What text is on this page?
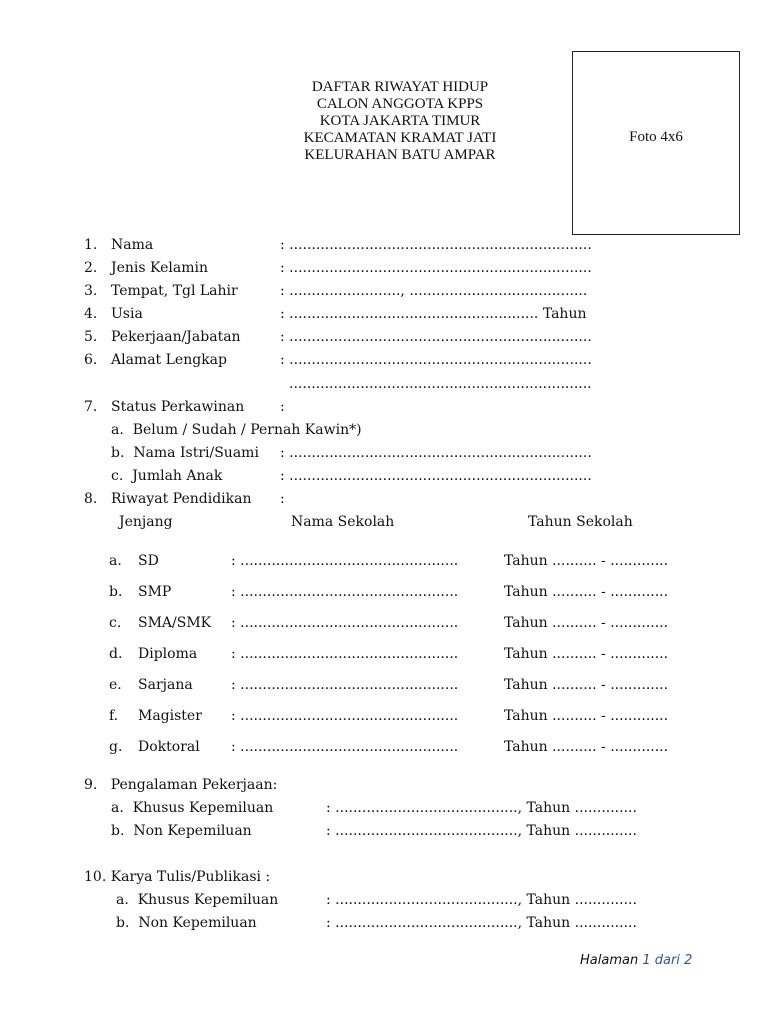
DAFTAR RIWAYAT HIDUP
CALON ANGGOTA KPPS
KOTA JAKARTA TIMUR
KECAMATAN KRAMAT JATI
KELURAHAN BATU AMPAR
Foto 4x6
1. Nama	: ....................................................................
2. Jenis Kelamin	: ....................................................................
3. Tempat, Tgl Lahir	: ........................., ........................................
4. Usia	: ........................................................ Tahun
5. Pekerjaan/Jabatan	: ....................................................................
6. Alamat Lengkap	: ....................................................................
....................................................................
7. Status Perkawinan	:
a.  Belum / Sudah / Pernah Kawin*)
b.  Nama Istri/Suami : ....................................................................
c.  Jumlah Anak	: ....................................................................
8. Riwayat Pendidikan :
Jenjang	Nama Sekolah	Tahun Sekolah
a. SD	: .................................................	Tahun .......... - .............
b. SMP	: .................................................	Tahun .......... - .............
c. SMA/SMK : .................................................	Tahun .......... - .............
d. Diploma : .................................................	Tahun .......... - .............
e. Sarjana	: .................................................	Tahun .......... - .............
f. Magister : .................................................	Tahun .......... - .............
g. Doktoral : .................................................	Tahun .......... - .............
9.   Pengalaman Pekerjaan:
a.  Khusus Kepemiluan	: ........................................., Tahun ..............
b.  Non Kepemiluan	: ........................................., Tahun ..............
10. Karya Tulis/Publikasi :
a.  Khusus Kepemiluan	: ........................................., Tahun ..............
b.  Non Kepemiluan	: ........................................., Tahun ..............
Halaman 1 dari 2
